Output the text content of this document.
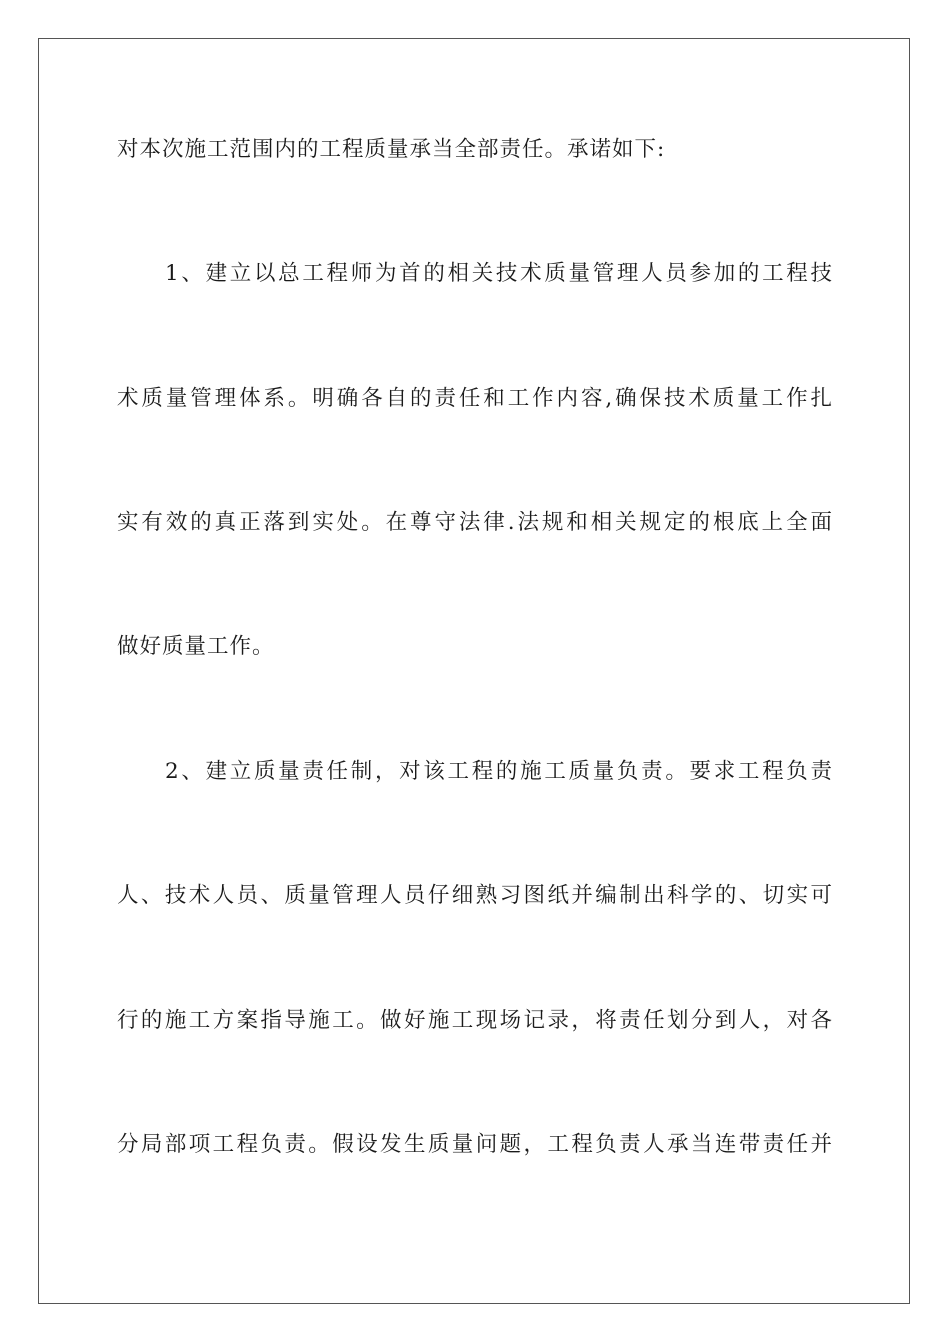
对本次施工范围内的工程质量承当全部责任。承诺如下:
1、建立以总工程师为首的相关技术质量管理人员参加的工程技
术质量管理体系。明确各自的责任和工作内容,确保技术质量工作扎
实有效的真正落到实处。在尊守法律.法规和相关规定的根底上全面
做好质量工作。
2、建立质量责任制，对该工程的施工质量负责。要求工程负责
人、技术人员、质量管理人员仔细熟习图纸并编制出科学的、切实可
行的施工方案指导施工。做好施工现场记录，将责任划分到人，对各
分局部项工程负责。假设发生质量问题，工程负责人承当连带责任并
